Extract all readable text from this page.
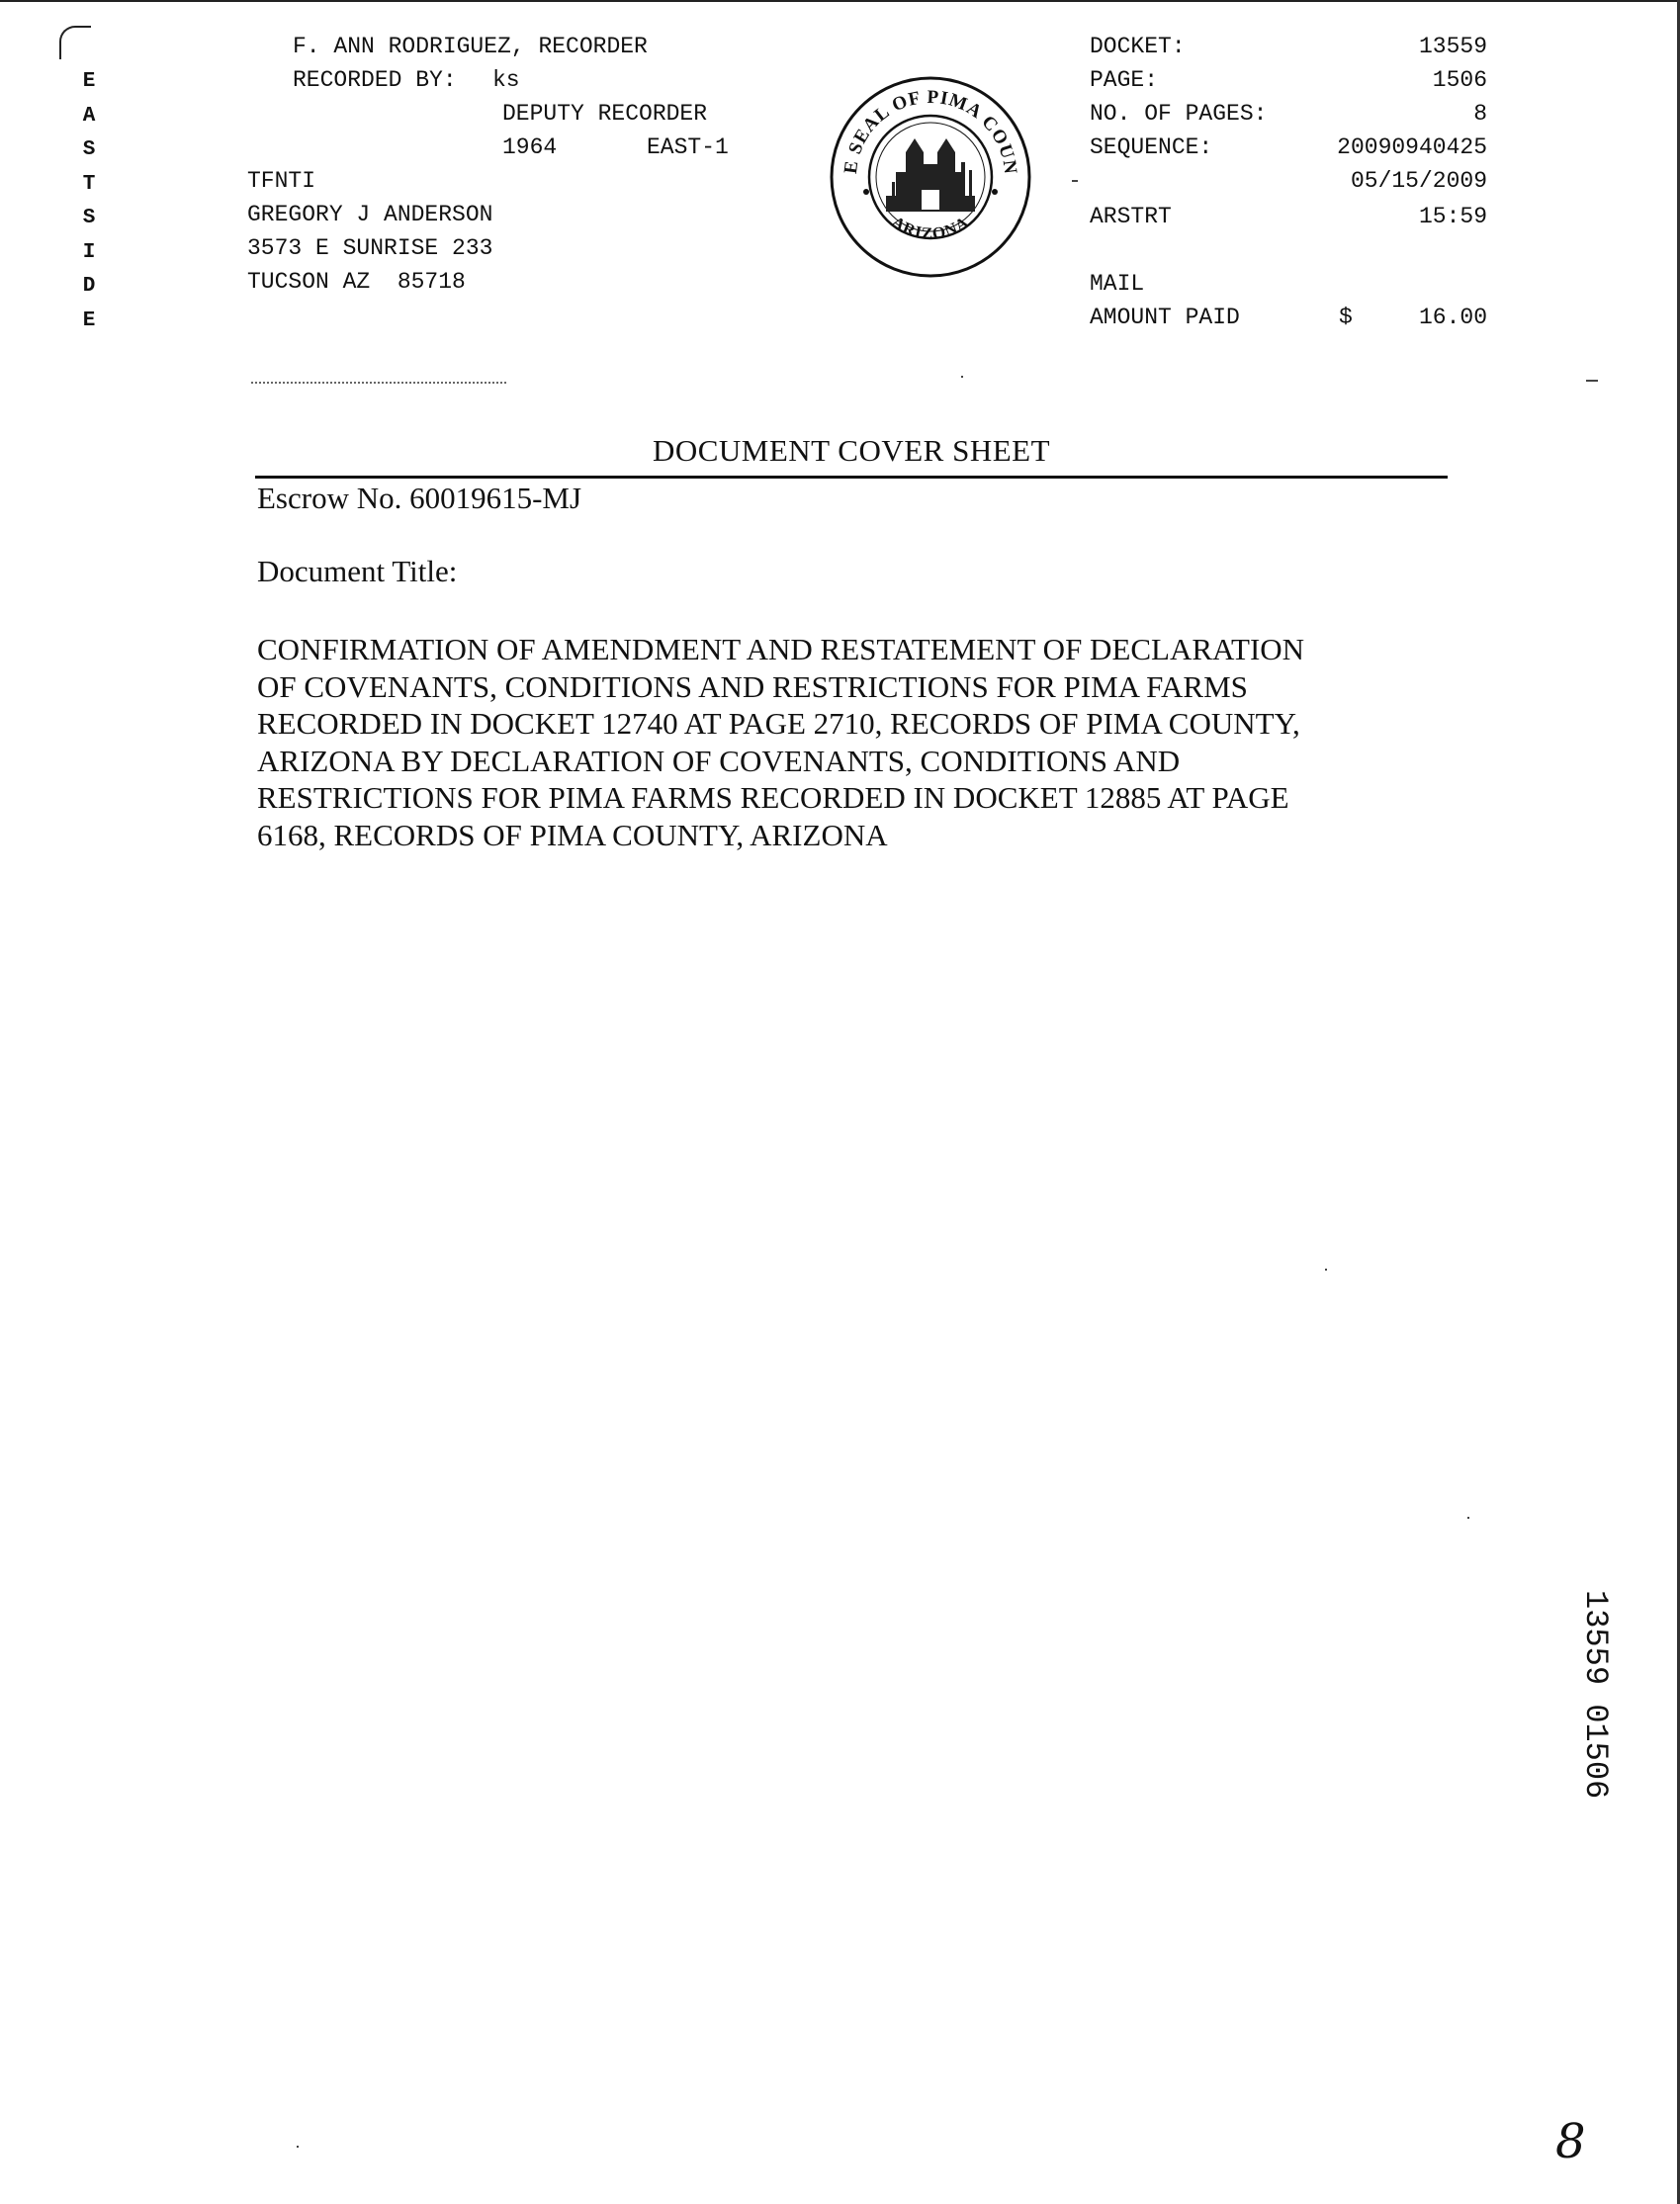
E
A
S
T
S
I
D
E
F. ANN RODRIGUEZ, RECORDER
RECORDED BY: ks
DEPUTY RECORDER
1964	EAST-1
TFNTI
GREGORY J ANDERSON
3573 E SUNRISE 233
TUCSON AZ  85718
E SEAL OF PIMA COUN
ARIZONA
DOCKET:	13559
PAGE:	1506
NO. OF PAGES:	8
SEQUENCE:	20090940425
05/15/2009
ARSTRT	15:59
MAIL
AMOUNT PAID	$	16.00
DOCUMENT COVER SHEET
Escrow No. 60019615-MJ
Document Title:
CONFIRMATION OF AMENDMENT AND RESTATEMENT OF DECLARATION
OF COVENANTS, CONDITIONS AND RESTRICTIONS FOR PIMA FARMS
RECORDED IN DOCKET 12740 AT PAGE 2710, RECORDS OF PIMA COUNTY,
ARIZONA BY DECLARATION OF COVENANTS, CONDITIONS AND
RESTRICTIONS FOR PIMA FARMS RECORDED IN DOCKET 12885 AT PAGE
6168, RECORDS OF PIMA COUNTY, ARIZONA
13559 01506
8
